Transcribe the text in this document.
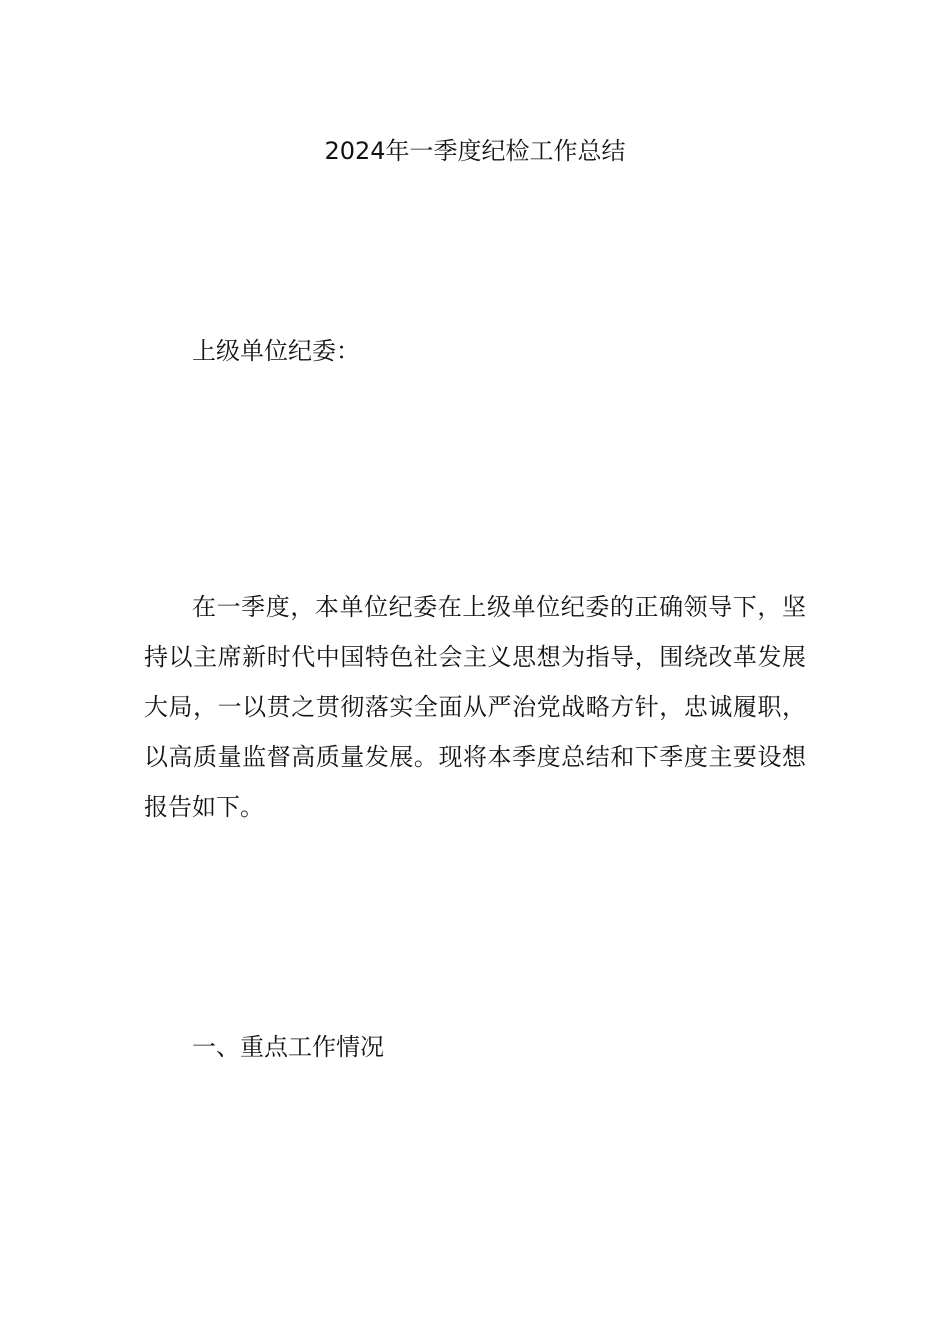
2024年一季度纪检工作总结

上级单位纪委：

在一季度，本单位纪委在上级单位纪委的正确领导下，坚持以主席新时代中国特色社会主义思想为指导，围绕改革发展大局，一以贯之贯彻落实全面从严治党战略方针，忠诚履职，以高质量监督高质量发展。现将本季度总结和下季度主要设想报告如下。

一、重点工作情况
